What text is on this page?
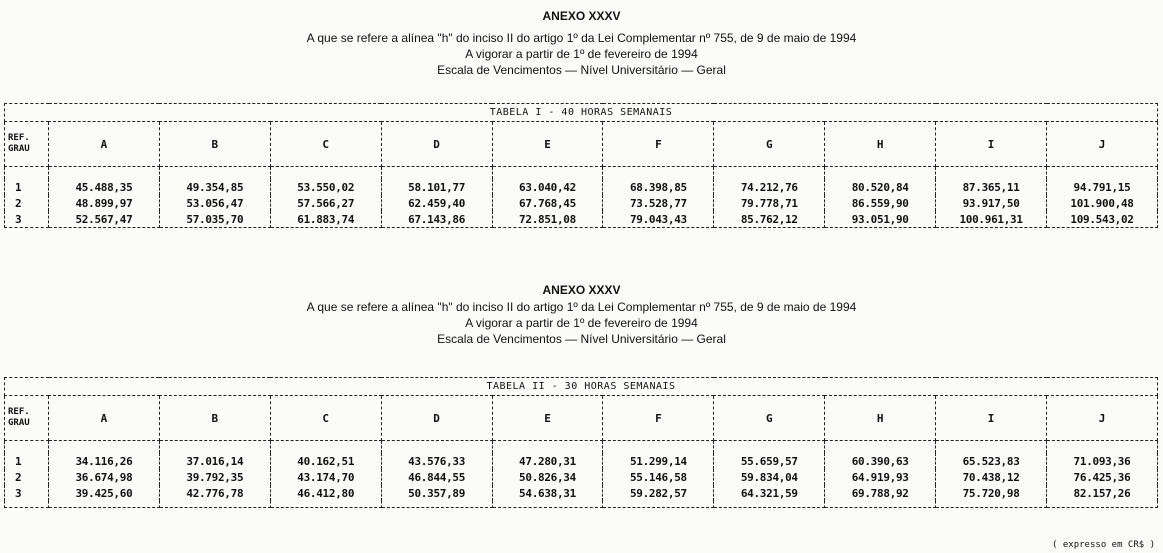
ANEXO XXXV
A que se refere a alínea "h" do inciso II do artigo 1º da Lei Complementar nº 755, de 9 de maio de 1994
A vigorar a partir de 1º de fevereiro de 1994
Escala de Vencimentos — Nível Universitário — Geral
TABELA I - 40 HORAS SEMANAIS										
REF.
GRAU	A	B	C	D	E	F	G	H	I	J

1	45.488,35	49.354,85	53.550,02	58.101,77	63.040,42	68.398,85	74.212,76	80.520,84	87.365,11	94.791,15
2	48.899,97	53.056,47	57.566,27	62.459,40	67.768,45	73.528,77	79.778,71	86.559,90	93.917,50	101.900,48
3	52.567,47	57.035,70	61.883,74	67.143,86	72.851,08	79.043,43	85.762,12	93.051,90	100.961,31	109.543,02
ANEXO XXXV
A que se refere a alínea "h" do inciso II do artigo 1º da Lei Complementar nº 755, de 9 de maio de 1994
A vigorar a partir de 1º de fevereiro de 1994
Escala de Vencimentos — Nível Universitário — Geral
TABELA II - 30 HORAS SEMANAIS										
REF.
GRAU	A	B	C	D	E	F	G	H	I	J

1	34.116,26	37.016,14	40.162,51	43.576,33	47.280,31	51.299,14	55.659,57	60.390,63	65.523,83	71.093,36
2	36.674,98	39.792,35	43.174,70	46.844,55	50.826,34	55.146,58	59.834,04	64.919,93	70.438,12	76.425,36
3	39.425,60	42.776,78	46.412,80	50.357,89	54.638,31	59.282,57	64.321,59	69.788,92	75.720,98	82.157,26

( expresso em CR$ )
